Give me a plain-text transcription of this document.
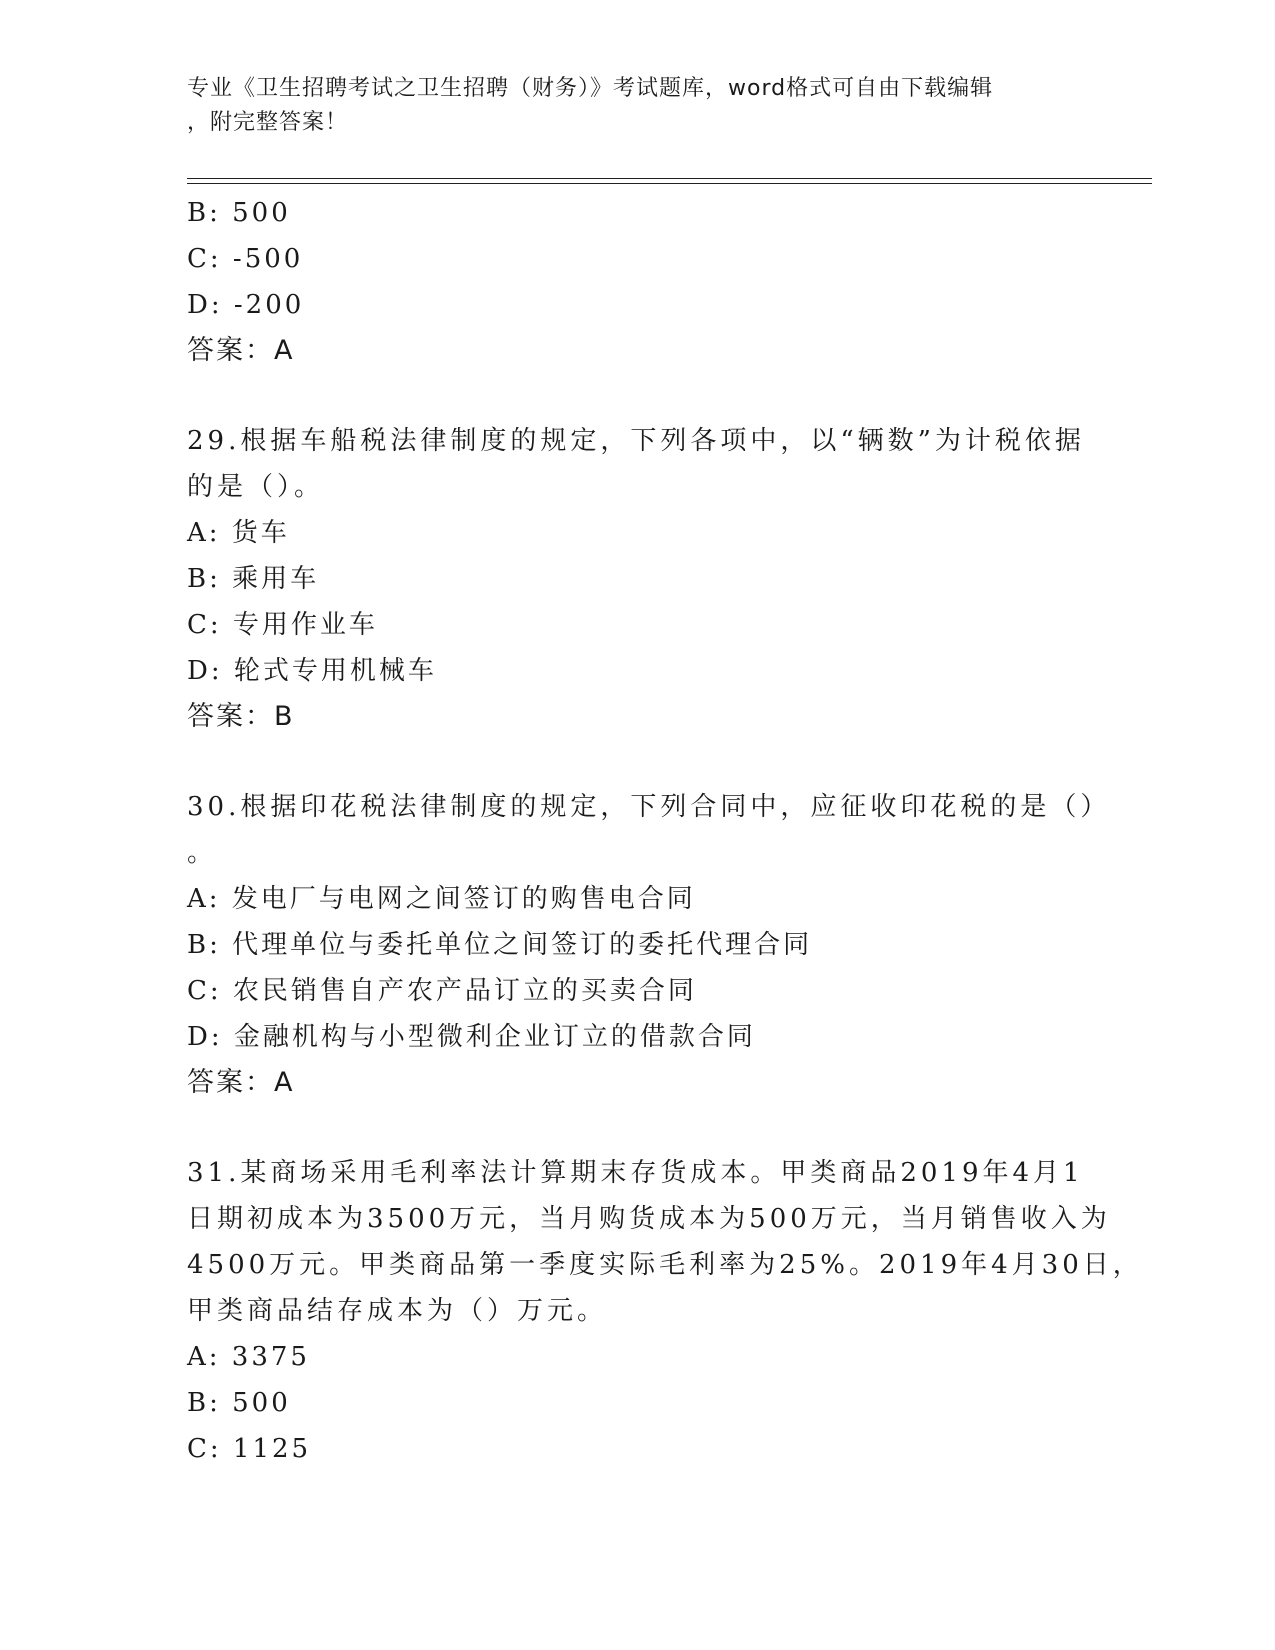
专业《卫生招聘考试之卫生招聘（财务）》考试题库，word格式可自由下载编辑
，附完整答案！
B: 500
C: -500
D: -200
答案：A
29.根据车船税法律制度的规定，下列各项中，以“辆数”为计税依据
的是（）。
A: 货车
B: 乘用车
C: 专用作业车
D: 轮式专用机械车
答案：B
30.根据印花税法律制度的规定，下列合同中，应征收印花税的是（）
。
A: 发电厂与电网之间签订的购售电合同
B: 代理单位与委托单位之间签订的委托代理合同
C: 农民销售自产农产品订立的买卖合同
D: 金融机构与小型微利企业订立的借款合同
答案：A
31.某商场采用毛利率法计算期末存货成本。甲类商品2019年4月1
日期初成本为3500万元，当月购货成本为500万元，当月销售收入为
4500万元。甲类商品第一季度实际毛利率为25%。2019年4月30日，
甲类商品结存成本为（）万元。
A: 3375
B: 500
C: 1125
